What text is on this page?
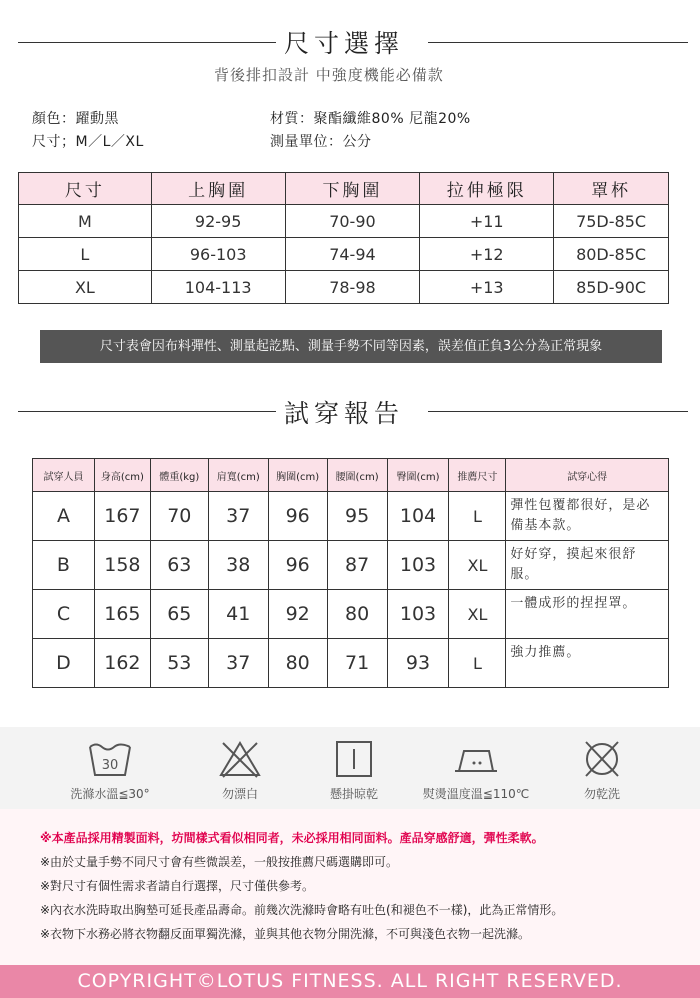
尺寸選擇
背後排扣設計 中強度機能必備款
顏色：躍動黑
尺寸；M／L／XL
材質：聚酯纖維80% 尼龍20%
測量單位：公分
尺寸	上胸圍	下胸圍	拉伸極限	罩杯
M	92-95	70-90	+11	75D-85C
L	96-103	74-94	+12	80D-85C
XL	104-113	78-98	+13	85D-90C
尺寸表會因布料彈性、測量起訖點、測量手勢不同等因素，誤差值正負3公分為正常現象
試穿報告
試穿人員	身高(cm)	體重(kg)	肩寬(cm)	胸圍(cm)	腰圍(cm)	臀圍(cm)	推薦尺寸	試穿心得
A	167	70	37	96	95	104	L	彈性包覆都很好，是必備基本款。
B	158	63	38	96	87	103	XL	好好穿，摸起來很舒服。
C	165	65	41	92	80	103	XL	一體成形的捏捏罩。
D	162	53	37	80	71	93	L	強力推薦。
30
洗滌水溫≦30°	勿漂白	懸掛晾乾	熨燙溫度溫≦110℃	勿乾洗
※本產品採用精製面料，坊間樣式看似相同者，未必採用相同面料。產品穿感舒適，彈性柔軟。
※由於丈量手勢不同尺寸會有些微誤差，一般按推薦尺碼選購即可。
※對尺寸有個性需求者請自行選擇，尺寸僅供參考。
※內衣水洗時取出胸墊可延長產品壽命。前幾次洗滌時會略有吐色(和褪色不一樣)，此為正常情形。
※衣物下水務必將衣物翻反面單獨洗滌，並與其他衣物分開洗滌，不可與淺色衣物一起洗滌。
COPYRIGHT©LOTUS FITNESS. ALL RIGHT RESERVED.
